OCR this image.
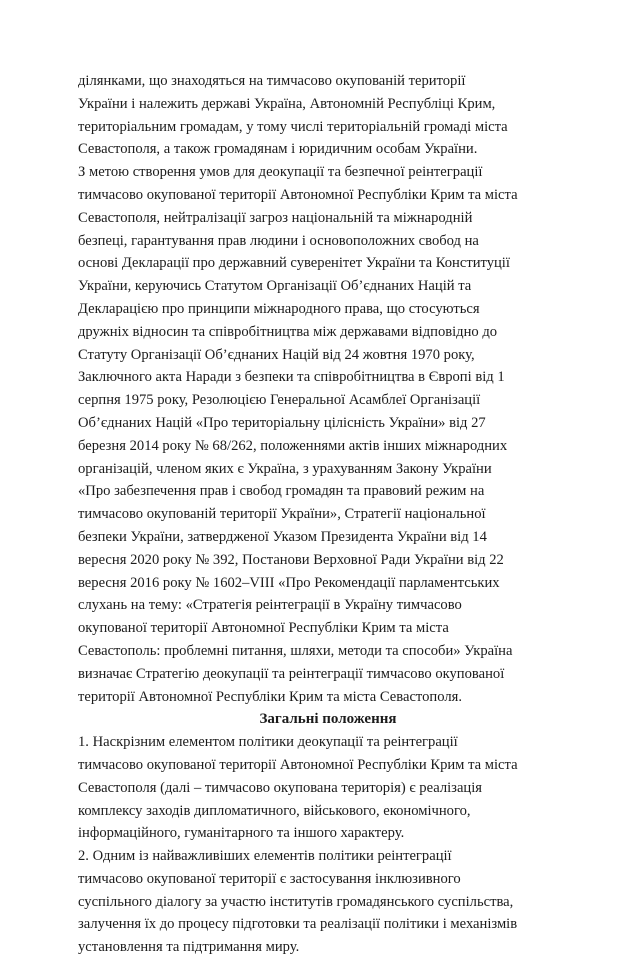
ділянками, що знаходяться на тимчасово окупованій території
України і належить державі Україна, Автономній Республіці Крим,
територіальним громадам, у тому числі територіальній громаді міста
Севастополя, а також громадянам і юридичним особам України.
З метою створення умов для деокупації та безпечної реінтеграції
тимчасово окупованої території Автономної Республіки Крим та міста
Севастополя, нейтралізації загроз національній та міжнародній
безпеці, гарантування прав людини і основоположних свобод на
основі Декларації про державний суверенітет України та Конституції
України, керуючись Статутом Організації Об’єднаних Націй та
Декларацією про принципи міжнародного права, що стосуються
дружніх відносин та співробітництва між державами відповідно до
Статуту Організації Об’єднаних Націй від 24 жовтня 1970 року,
Заключного акта Наради з безпеки та співробітництва в Європі від 1
серпня 1975 року, Резолюцією Генеральної Асамблеї Організації
Об’єднаних Націй «Про територіальну цілісність України» від 27
березня 2014 року № 68/262, положеннями актів інших міжнародних
організацій, членом яких є Україна, з урахуванням Закону України
«Про забезпечення прав і свобод громадян та правовий режим на
тимчасово окупованій території України», Стратегії національної
безпеки України, затвердженої Указом Президента України від 14
вересня 2020 року № 392, Постанови Верховної Ради України від 22
вересня 2016 року № 1602–VIII «Про Рекомендації парламентських
слухань на тему: «Стратегія реінтеграції в Україну тимчасово
окупованої території Автономної Республіки Крим та міста
Севастополь: проблемні питання, шляхи, методи та способи» Україна
визначає Стратегію деокупації та реінтеграції тимчасово окупованої
території Автономної Республіки Крим та міста Севастополя.
Загальні положення
1. Наскрізним елементом політики деокупації та реінтеграції
тимчасово окупованої території Автономної Республіки Крим та міста
Севастополя (далі – тимчасово окупована територія) є реалізація
комплексу заходів дипломатичного, військового, економічного,
інформаційного, гуманітарного та іншого характеру.
2. Одним із найважливіших елементів політики реінтеграції
тимчасово окупованої території є застосування інклюзивного
суспільного діалогу за участю інститутів громадянського суспільства,
залучення їх до процесу підготовки та реалізації політики і механізмів
установлення та підтримання миру.
